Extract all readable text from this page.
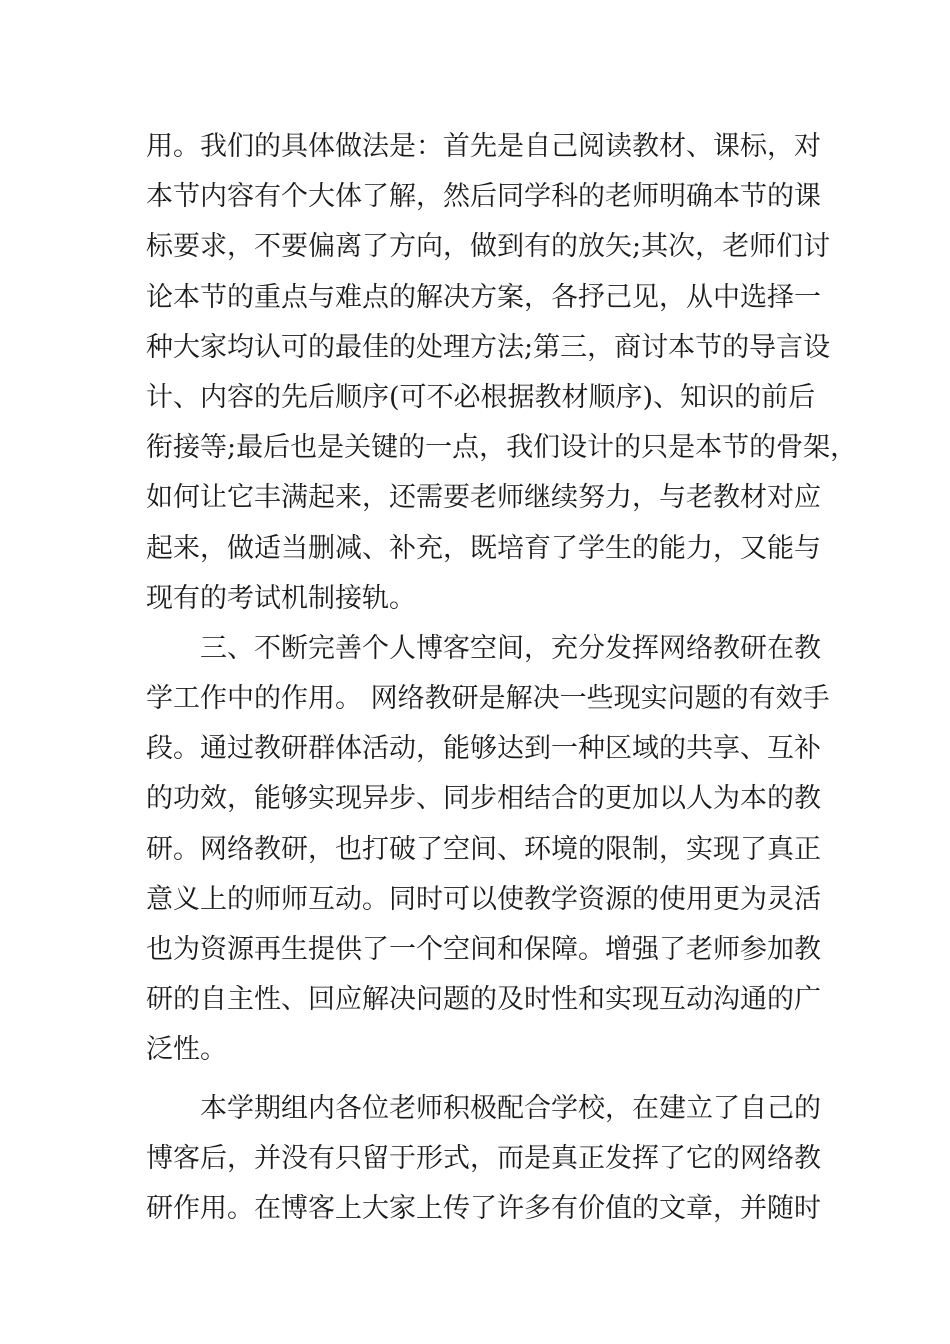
用。我们的具体做法是：首先是自己阅读教材、课标，对
本节内容有个大体了解，然后同学科的老师明确本节的课
标要求，不要偏离了方向，做到有的放矢;其次，老师们讨
论本节的重点与难点的解决方案，各抒己见，从中选择一
种大家均认可的最佳的处理方法;第三，商讨本节的导言设
计、内容的先后顺序(可不必根据教材顺序)、知识的前后
衔接等;最后也是关键的一点，我们设计的只是本节的骨架，
如何让它丰满起来，还需要老师继续努力，与老教材对应
起来，做适当删减、补充，既培育了学生的能力，又能与
现有的考试机制接轨。
三、不断完善个人博客空间，充分发挥网络教研在教
学工作中的作用。 网络教研是解决一些现实问题的有效手
段。通过教研群体活动，能够达到一种区域的共享、互补
的功效，能够实现异步、同步相结合的更加以人为本的教
研。网络教研，也打破了空间、环境的限制，实现了真正
意义上的师师互动。同时可以使教学资源的使用更为灵活
也为资源再生提供了一个空间和保障。增强了老师参加教
研的自主性、回应解决问题的及时性和实现互动沟通的广
泛性。
本学期组内各位老师积极配合学校，在建立了自己的
博客后，并没有只留于形式，而是真正发挥了它的网络教
研作用。在博客上大家上传了许多有价值的文章，并随时
